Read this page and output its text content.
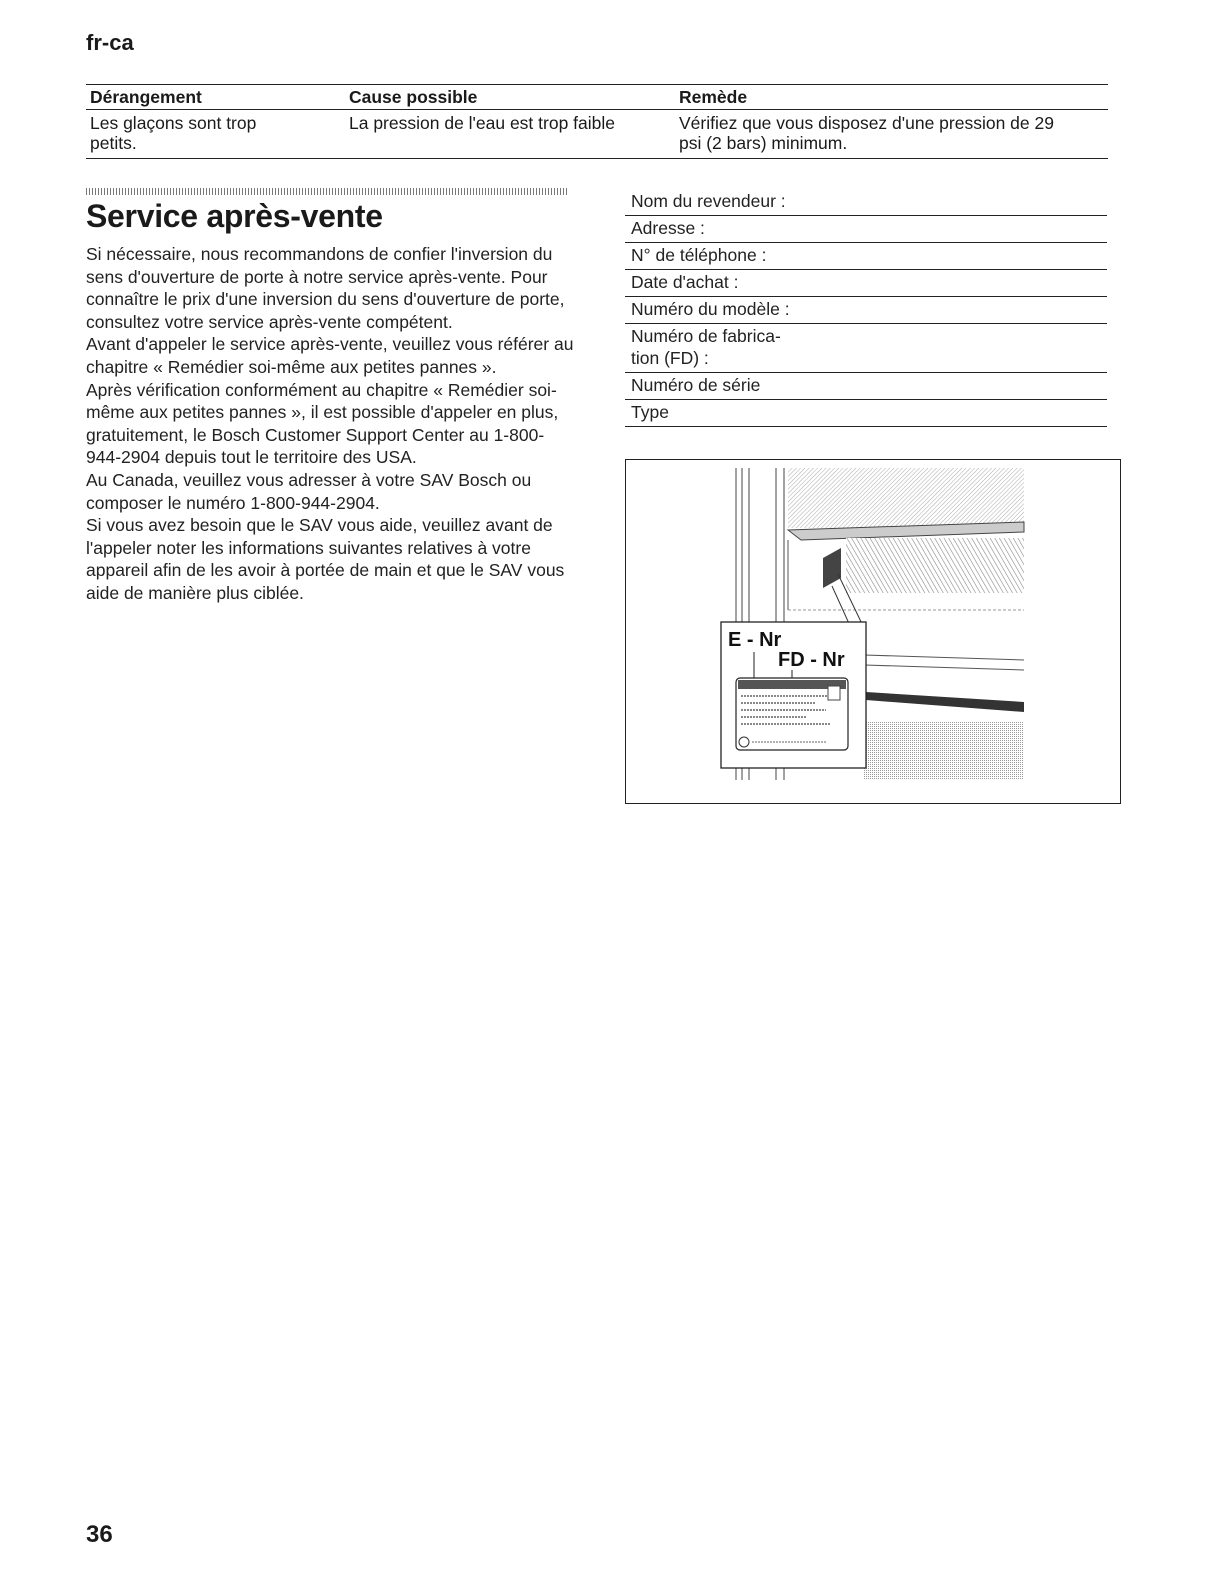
fr-ca
Dérangement	Cause possible	Remède
Les glaçons sont trop petits.	La pression de l'eau est trop faible	Vérifiez que vous disposez d'une pression de 29 psi (2 bars) minimum.
Service après-vente

Si nécessaire, nous recommandons de confier l'inversion du sens d'ouverture de porte à notre service après-vente. Pour connaître le prix d'une inversion du sens d'ouverture de porte, consultez votre service après-vente compétent.

Avant d'appeler le service après-vente, veuillez vous référer au chapitre « Remédier soi-même aux petites pannes ».

Après vérification conformément au chapitre « Remédier soi-même aux petites pannes », il est possible d'appeler en plus, gratuitement, le Bosch Customer Support Center au 1-800-944-2904 depuis tout le territoire des USA.

Au Canada, veuillez vous adresser à votre SAV Bosch ou composer le numéro 1-800-944-2904.

Si vous avez besoin que le SAV vous aide, veuillez avant de l'appeler noter les informations suivantes relatives à votre appareil afin de les avoir à portée de main et que le SAV vous aide de manière plus ciblée.

Nom du revendeur :
Adresse :
N° de téléphone :
Date d'achat :
Numéro du modèle :
Numéro de fabrica-
tion (FD) :
Numéro de série
Type
E - Nr
FD - Nr
36
